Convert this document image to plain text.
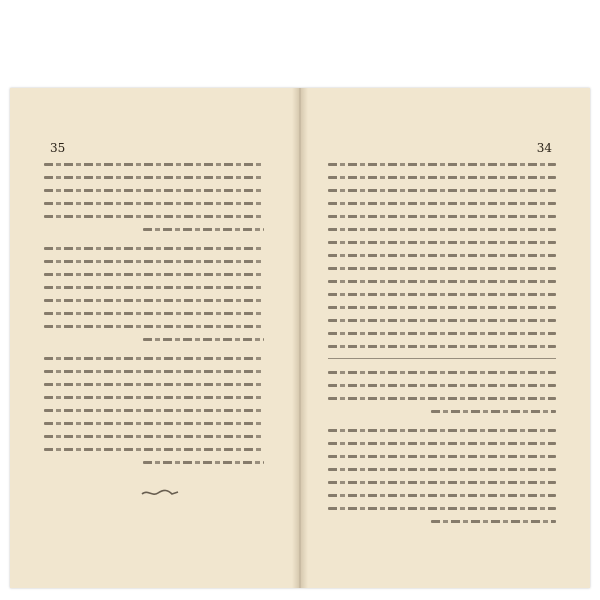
35	34
